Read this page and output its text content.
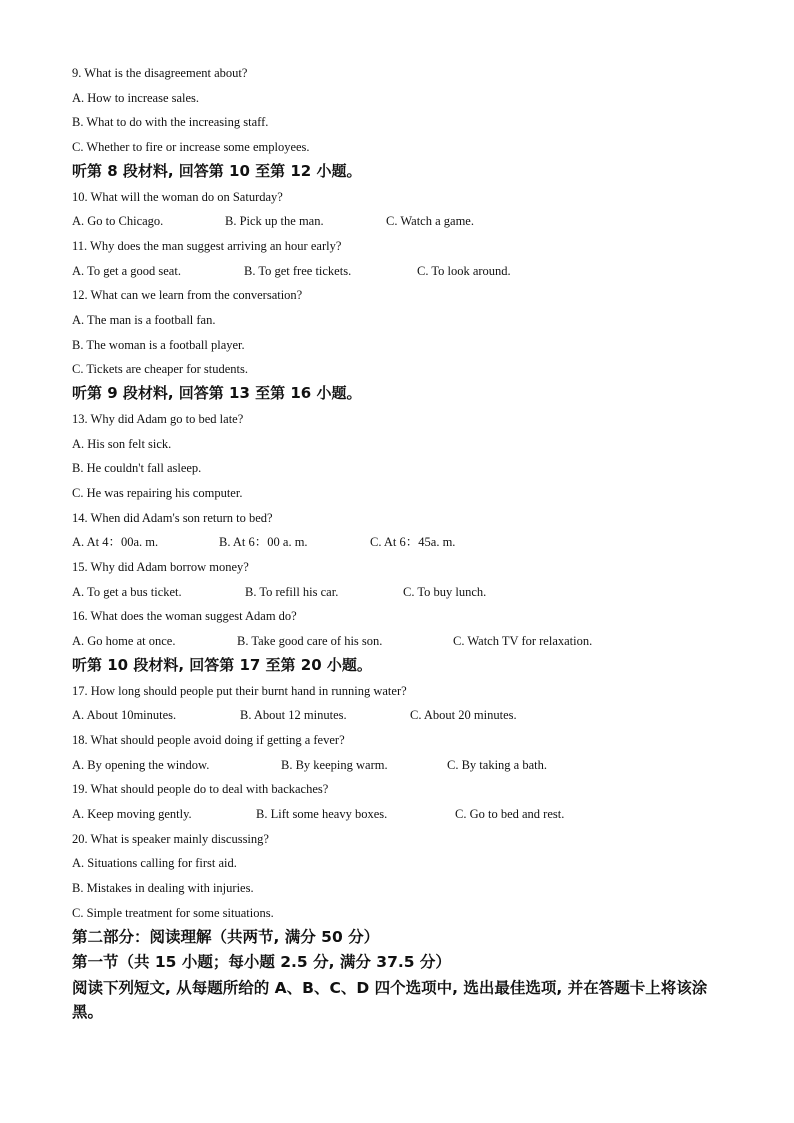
9. What is the disagreement about?
A. How to increase sales.
B. What to do with the increasing staff.
C. Whether to fire or increase some employees.
听第 8 段材料, 回答第 10 至第 12 小题。
10. What will the woman do on Saturday?
A. Go to Chicago.	B. Pick up the man.	C. Watch a game.
11. Why does the man suggest arriving an hour early?
A. To get a good seat.	B. To get free tickets.	C. To look around.
12. What can we learn from the conversation?
A. The man is a football fan.
B. The woman is a football player.
C. Tickets are cheaper for students.
听第 9 段材料, 回答第 13 至第 16 小题。
13. Why did Adam go to bed late?
A. His son felt sick.
B. He couldn't fall asleep.
C. He was repairing his computer.
14. When did Adam's son return to bed?
A. At 4：00a. m.	B. At 6：00 a. m.	C. At 6：45a. m.
15. Why did Adam borrow money?
A. To get a bus ticket.	B. To refill his car.	C. To buy lunch.
16. What does the woman suggest Adam do?
A. Go home at once.	B. Take good care of his son.	C. Watch TV for relaxation.
听第 10 段材料, 回答第 17 至第 20 小题。
17. How long should people put their burnt hand in running water?
A. About 10minutes.	B. About 12 minutes.	C. About 20 minutes.
18. What should people avoid doing if getting a fever?
A. By opening the window.	B. By keeping warm.	C. By taking a bath.
19. What should people do to deal with backaches?
A. Keep moving gently.	B. Lift some heavy boxes.	C. Go to bed and rest.
20. What is speaker mainly discussing?
A. Situations calling for first aid.
B. Mistakes in dealing with injuries.
C. Simple treatment for some situations.
第二部分：阅读理解（共两节, 满分 50 分）
第一节（共 15 小题；每小题 2.5 分, 满分 37.5 分）
阅读下列短文, 从每题所给的 A、B、C、D 四个选项中, 选出最佳选项, 并在答题卡上将该涂黑。
